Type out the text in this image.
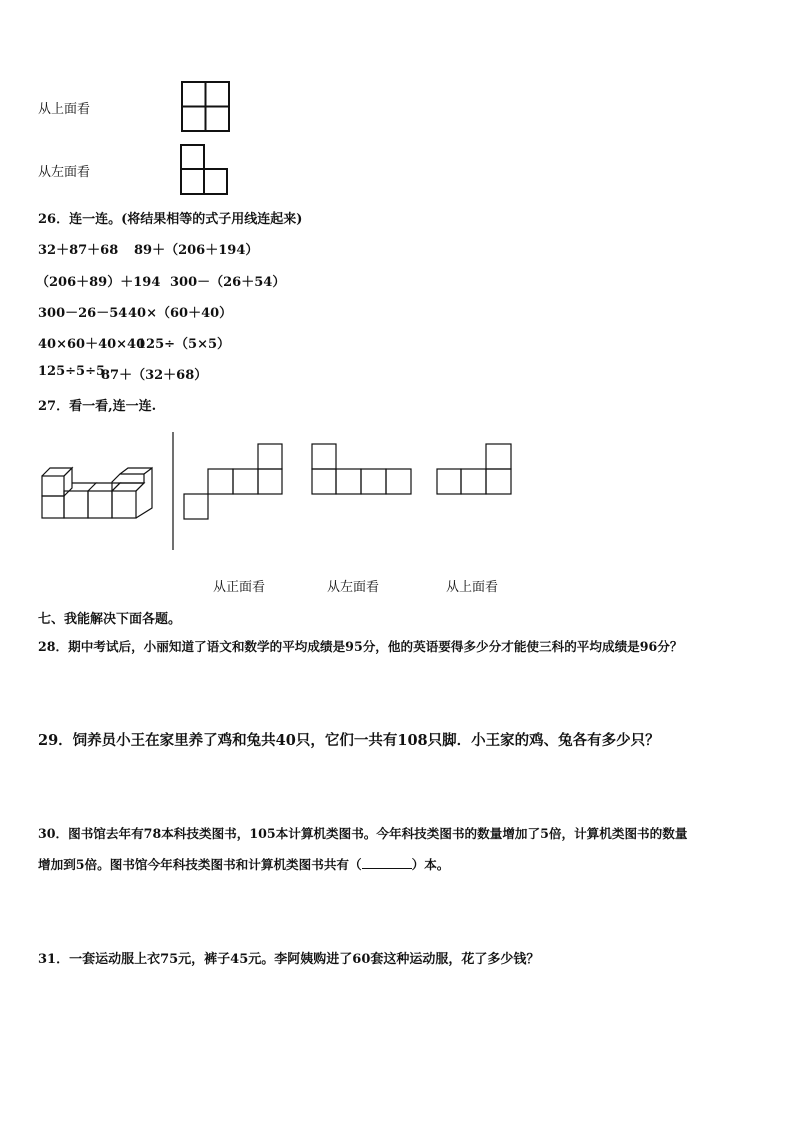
从上面看
从左面看
26．连一连。(将结果相等的式子用线连起来)
32＋87＋68 89＋（206＋194）
（206＋89）＋194 300－（26＋54）
300－26－54 40×（60＋40）
40×60＋40×40
125÷（5×5）
125÷5÷5
87＋（32＋68）
27．看一看,连一连.
从正面看	从左面看	从上面看
七、我能解决下面各题。
28．期中考试后，小丽知道了语文和数学的平均成绩是95分，他的英语要得多少分才能使三科的平均成绩是96分？
29．饲养员小王在家里养了鸡和兔共40只，它们一共有108只脚．小王家的鸡、兔各有多少只？
30．图书馆去年有78本科技类图书，105本计算机类图书。今年科技类图书的数量增加了5倍，计算机类图书的数量
增加到5倍。图书馆今年科技类图书和计算机类图书共有（	）本。
31．一套运动服上衣75元，裤子45元。李阿姨购进了60套这种运动服，花了多少钱？
